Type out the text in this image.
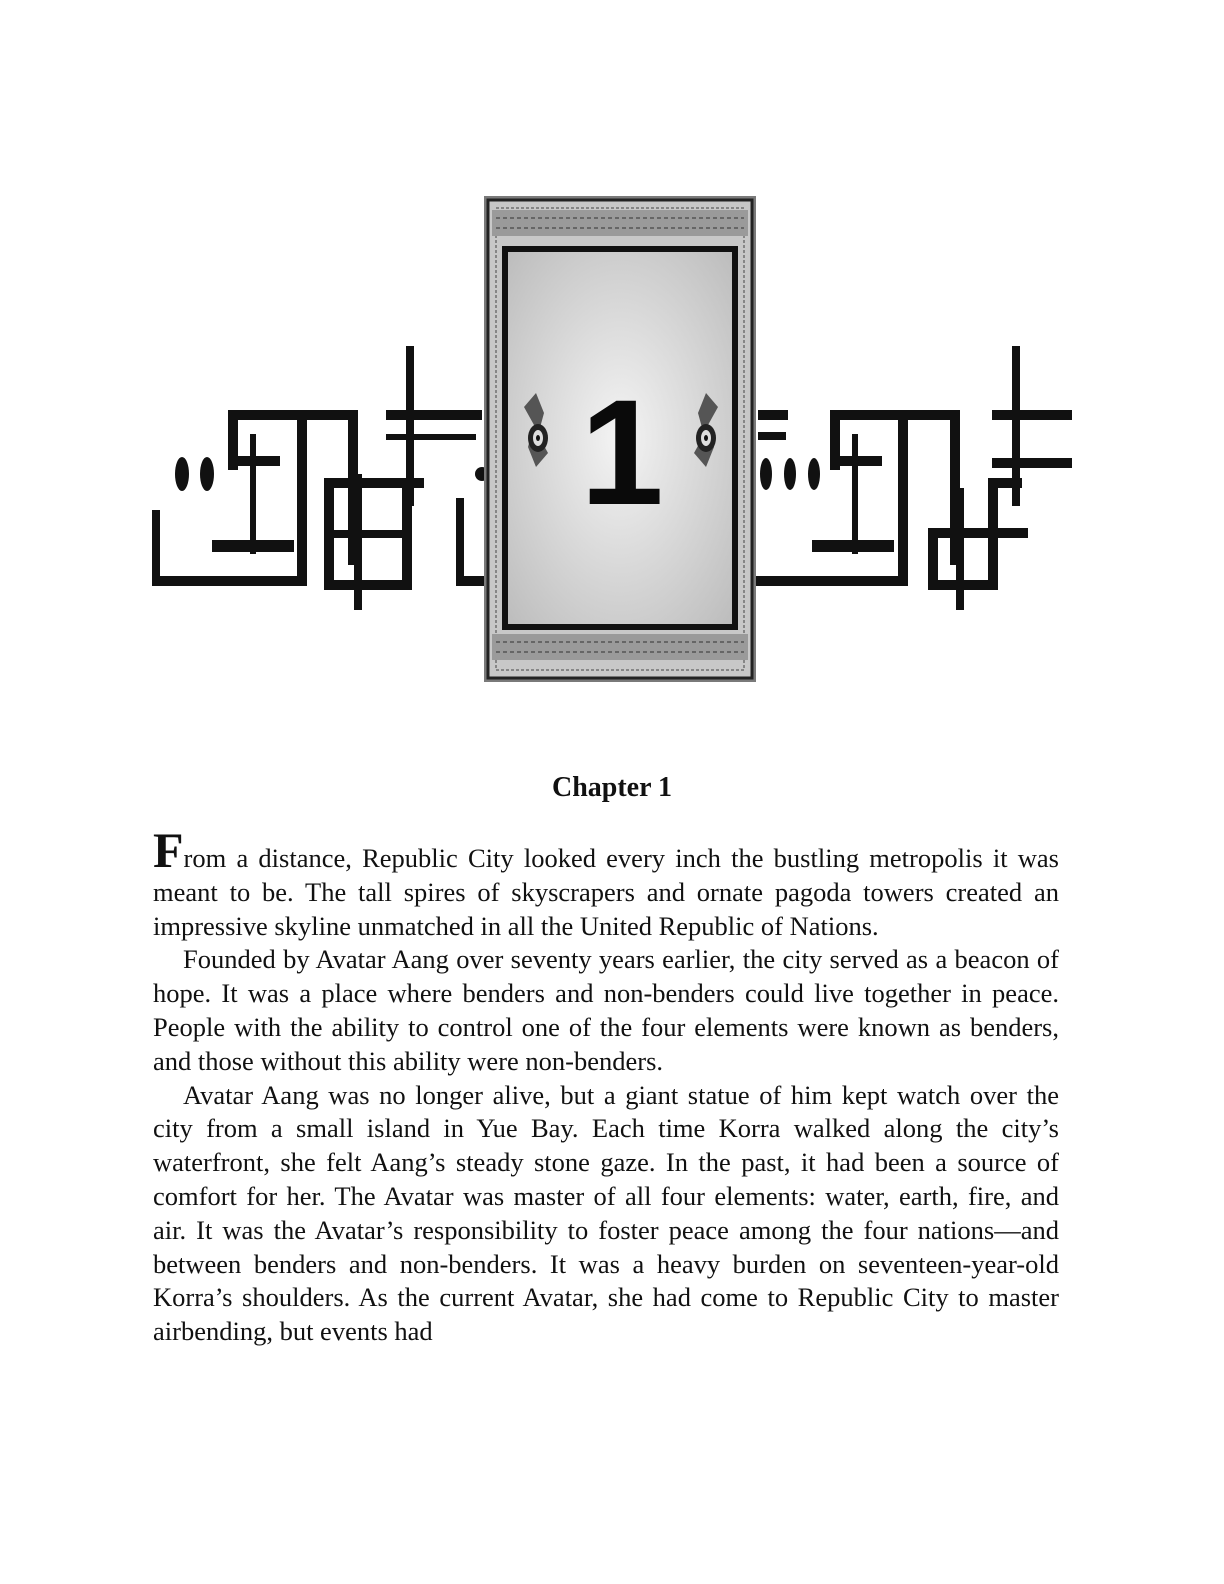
1
Chapter 1

From a distance, Republic City looked every inch the bustling metropolis it was meant to be. The tall spires of skyscrapers and ornate pagoda towers created an impressive skyline unmatched in all the United Republic of Nations.

Founded by Avatar Aang over seventy years earlier, the city served as a beacon of hope. It was a place where benders and non-benders could live together in peace. People with the ability to control one of the four elements were known as benders, and those without this ability were non-benders.

Avatar Aang was no longer alive, but a giant statue of him kept watch over the city from a small island in Yue Bay. Each time Korra walked along the city’s waterfront, she felt Aang’s steady stone gaze. In the past, it had been a source of comfort for her. The Avatar was master of all four elements: water, earth, fire, and air. It was the Avatar’s responsibility to foster peace among the four nations—and between benders and non-benders. It was a heavy burden on seventeen-year-old Korra’s shoulders. As the current Avatar, she had come to Republic City to master airbending, but events had
